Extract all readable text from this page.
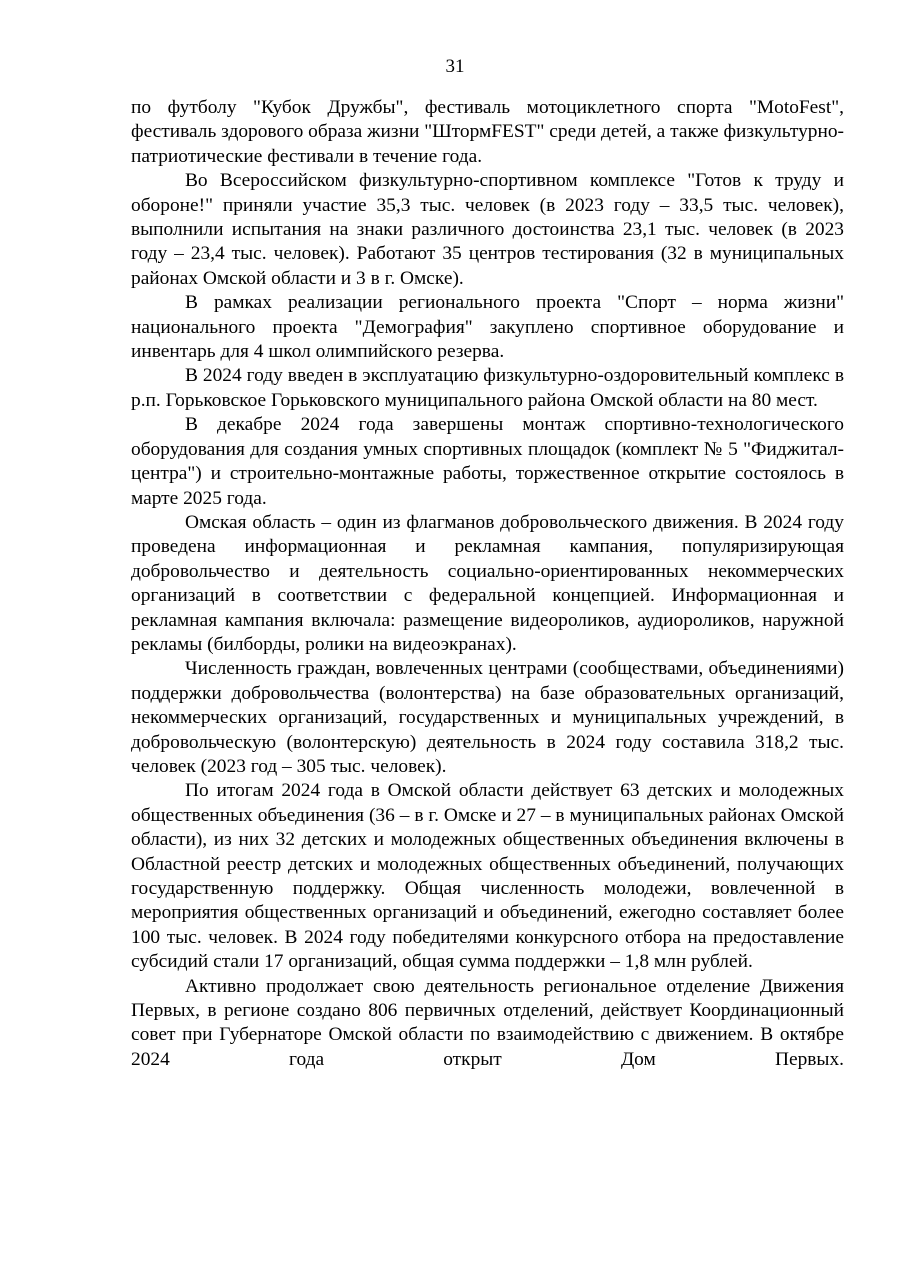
31

по футболу "Кубок Дружбы", фестиваль мотоциклетного спорта "MotoFest", фестиваль здорового образа жизни "ШтормFEST" среди детей, а также физкультурно-патриотические фестивали в течение года.

Во Всероссийском физкультурно-спортивном комплексе "Готов к труду и обороне!" приняли участие 35,3 тыс. человек (в 2023 году – 33,5 тыс. человек), выполнили испытания на знаки различного достоинства 23,1 тыс. человек (в 2023 году – 23,4 тыс. человек). Работают 35 центров тестирования (32 в муниципальных районах Омской области и 3 в г. Омске).

В рамках реализации регионального проекта "Спорт – норма жизни" национального проекта "Демография" закуплено спортивное оборудование и инвентарь для 4 школ олимпийского резерва.

В 2024 году введен в эксплуатацию физкультурно-оздоровительный комплекс в р.п. Горьковское Горьковского муниципального района Омской области на 80 мест.

В декабре 2024 года завершены монтаж спортивно-технологического оборудования для создания умных спортивных площадок (комплект № 5 "Фиджитал-центра") и строительно-монтажные работы, торжественное открытие состоялось в марте 2025 года.

Омская область – один из флагманов добровольческого движения. В 2024 году проведена информационная и рекламная кампания, популяризирующая добровольчество и деятельность социально-ориентированных некоммерческих организаций в соответствии с федеральной концепцией. Информационная и рекламная кампания включала: размещение видеороликов, аудиороликов, наружной рекламы (билборды, ролики на видеоэкранах).

Численность граждан, вовлеченных центрами (сообществами, объединениями) поддержки добровольчества (волонтерства) на базе образовательных организаций, некоммерческих организаций, государственных и муниципальных учреждений, в добровольческую (волонтерскую) деятельность в 2024 году составила 318,2 тыс. человек (2023 год – 305 тыс. человек).

По итогам 2024 года в Омской области действует 63 детских и молодежных общественных объединения (36 – в г. Омске и 27 – в муниципальных районах Омской области), из них 32 детских и молодежных общественных объединения включены в Областной реестр детских и молодежных общественных объединений, получающих государственную поддержку. Общая численность молодежи, вовлеченной в мероприятия общественных организаций и объединений, ежегодно составляет более 100 тыс. человек. В 2024 году победителями конкурсного отбора на предоставление субсидий стали 17 организаций, общая сумма поддержки – 1,8 млн рублей.

Активно продолжает свою деятельность региональное отделение Движения Первых, в регионе создано 806 первичных отделений, действует Координационный совет при Губернаторе Омской области по взаимодействию с движением. В октябре 2024 года открыт Дом Первых.
